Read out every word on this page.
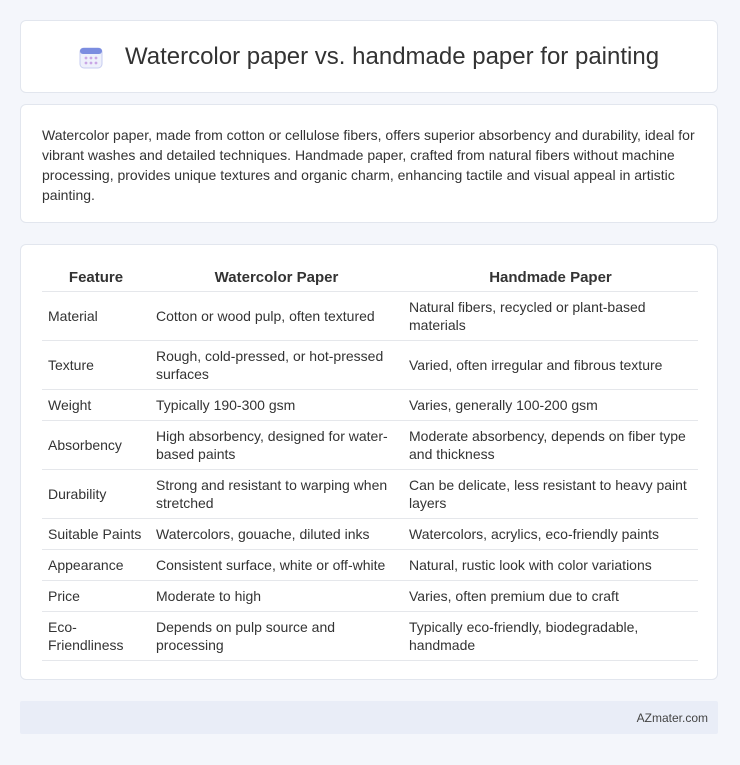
Watercolor paper vs. handmade paper for painting

Watercolor paper, made from cotton or cellulose fibers, offers superior absorbency and durability, ideal for vibrant washes and detailed techniques. Handmade paper, crafted from natural fibers without machine processing, provides unique textures and organic charm, enhancing tactile and visual appeal in artistic painting.

Feature	Watercolor Paper	Handmade Paper
Material	Cotton or wood pulp, often textured	Natural fibers, recycled or plant-based materials
Texture	Rough, cold-pressed, or hot-pressed surfaces	Varied, often irregular and fibrous texture
Weight	Typically 190-300 gsm	Varies, generally 100-200 gsm
Absorbency	High absorbency, designed for water-based paints	Moderate absorbency, depends on fiber type and thickness
Durability	Strong and resistant to warping when stretched	Can be delicate, less resistant to heavy paint layers
Suitable Paints	Watercolors, gouache, diluted inks	Watercolors, acrylics, eco-friendly paints
Appearance	Consistent surface, white or off-white	Natural, rustic look with color variations
Price	Moderate to high	Varies, often premium due to craft
Eco-Friendliness	Depends on pulp source and processing	Typically eco-friendly, biodegradable, handmade
AZmater.com
